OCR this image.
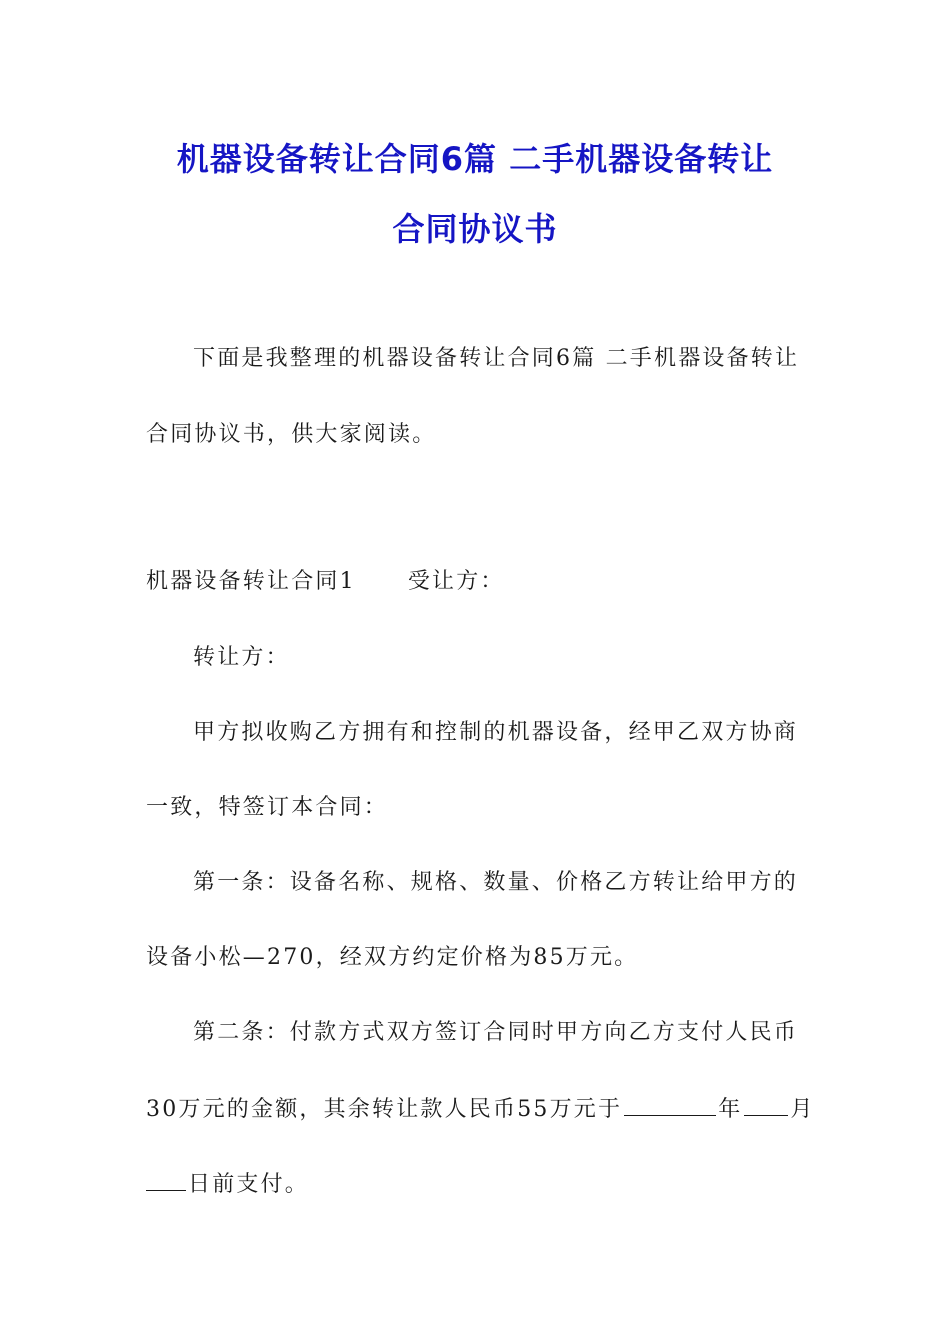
机器设备转让合同6篇 二手机器设备转让
合同协议书
下面是我整理的机器设备转让合同6篇 二手机器设备转让
合同协议书，供大家阅读。
机器设备转让合同1 受让方：
转让方：
甲方拟收购乙方拥有和控制的机器设备，经甲乙双方协商
一致，特签订本合同：
第一条：设备名称、规格、数量、价格乙方转让给甲方的
设备小松—270，经双方约定价格为85万元。
第二条：付款方式双方签订合同时甲方向乙方支付人民币
30万元的金额，其余转让款人民币55万元于	年 月
日前支付。
